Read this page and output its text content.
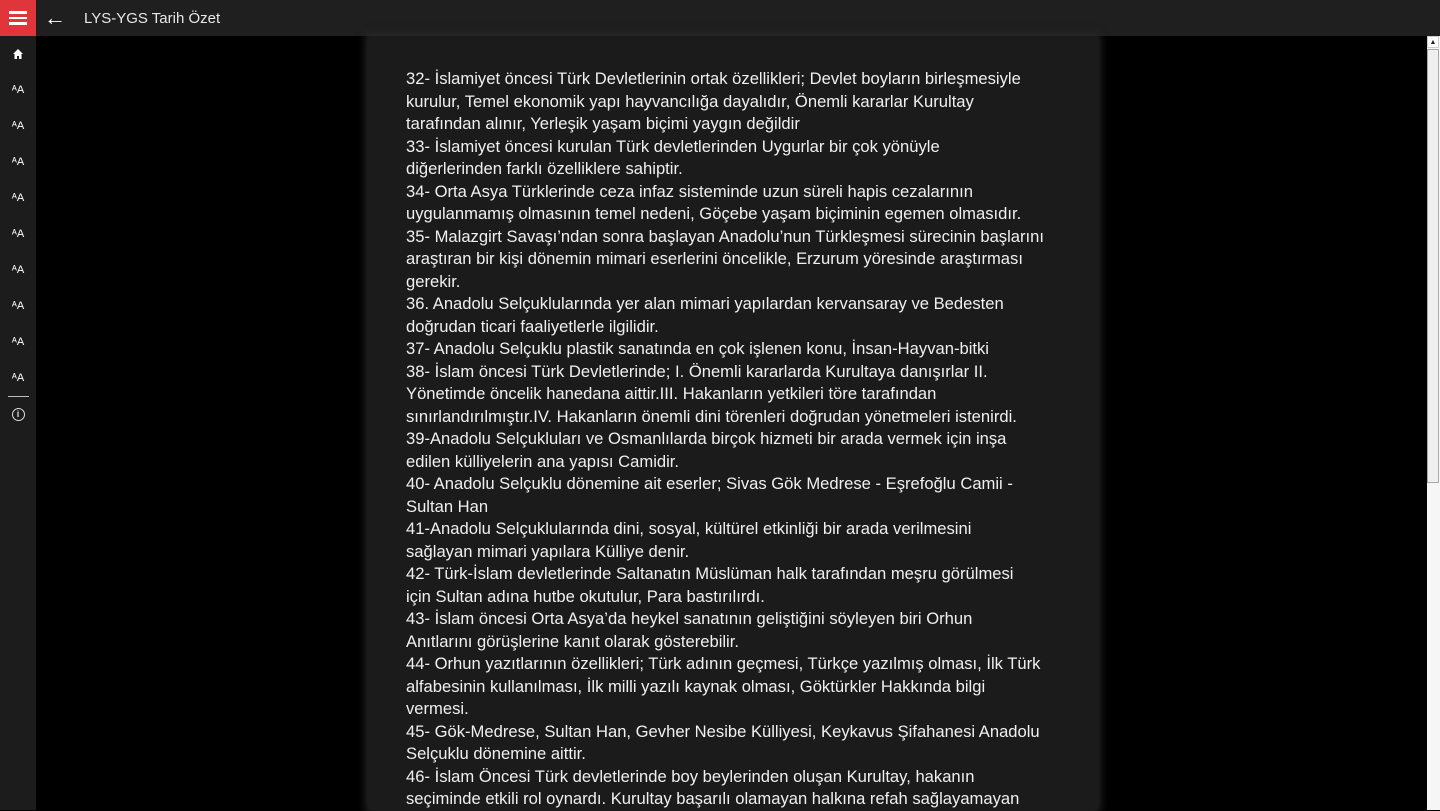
← LYS-YGS Tarih Özet
ᴬA
ᴬA
ᴬA
ᴬA
ᴬA
ᴬA
ᴬA
ᴬA
ᴬA
i
32- İslamiyet öncesi Türk Devletlerinin ortak özellikleri; Devlet boyların birleşmesiyle
kurulur, Temel ekonomik yapı hayvancılığa dayalıdır, Önemli kararlar Kurultay
tarafından alınır, Yerleşik yaşam biçimi yaygın değildir
33- İslamiyet öncesi kurulan Türk devletlerinden Uygurlar bir çok yönüyle
diğerlerinden farklı özelliklere sahiptir.
34- Orta Asya Türklerinde ceza infaz sisteminde uzun süreli hapis cezalarının
uygulanmamış olmasının temel nedeni, Göçebe yaşam biçiminin egemen olmasıdır.
35- Malazgirt Savaşı’ndan sonra başlayan Anadolu’nun Türkleşmesi sürecinin başlarını
araştıran bir kişi dönemin mimari eserlerini öncelikle, Erzurum yöresinde araştırması
gerekir.
36. Anadolu Selçuklularında yer alan mimari yapılardan kervansaray ve Bedesten
doğrudan ticari faaliyetlerle ilgilidir.
37- Anadolu Selçuklu plastik sanatında en çok işlenen konu, İnsan-Hayvan-bitki
38- İslam öncesi Türk Devletlerinde; I. Önemli kararlarda Kurultaya danışırlar II.
Yönetimde öncelik hanedana aittir.III. Hakanların yetkileri töre tarafından
sınırlandırılmıştır.IV. Hakanların önemli dini törenleri doğrudan yönetmeleri istenirdi.
39-Anadolu Selçukluları ve Osmanlılarda birçok hizmeti bir arada vermek için inşa
edilen külliyelerin ana yapısı Camidir.
40- Anadolu Selçuklu dönemine ait eserler; Sivas Gök Medrese - Eşrefoğlu Camii -
Sultan Han
41-Anadolu Selçuklularında dini, sosyal, kültürel etkinliği bir arada verilmesini
sağlayan mimari yapılara Külliye denir.
42- Türk-İslam devletlerinde Saltanatın Müslüman halk tarafından meşru görülmesi
için Sultan adına hutbe okutulur, Para bastırılırdı.
43- İslam öncesi Orta Asya’da heykel sanatının geliştiğini söyleyen biri Orhun
Anıtlarını görüşlerine kanıt olarak gösterebilir.
44- Orhun yazıtlarının özellikleri; Türk adının geçmesi, Türkçe yazılmış olması, İlk Türk
alfabesinin kullanılması, İlk milli yazılı kaynak olması, Göktürkler Hakkında bilgi
vermesi.
45- Gök-Medrese, Sultan Han, Gevher Nesibe Külliyesi, Keykavus Şifahanesi Anadolu
Selçuklu dönemine aittir.
46- İslam Öncesi Türk devletlerinde boy beylerinden oluşan Kurultay, hakanın
seçiminde etkili rol oynardı. Kurultay başarılı olamayan halkına refah sağlayamayan
▲
